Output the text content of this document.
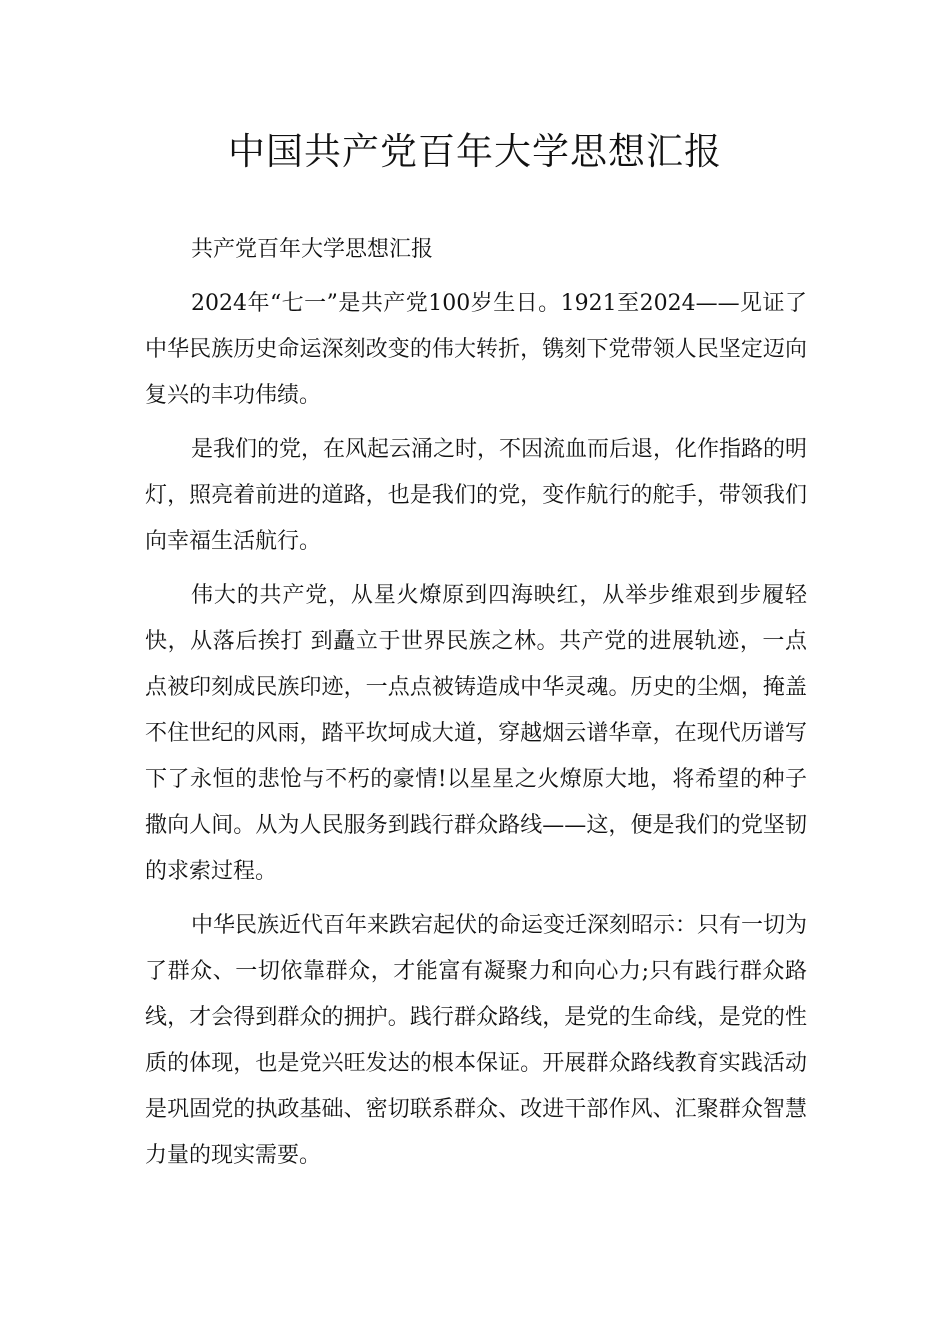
中国共产党百年大学思想汇报

共产党百年大学思想汇报

2024年“七一”是共产党100岁生日。1921至2024——见证了中华民族历史命运深刻改变的伟大转折，镌刻下党带领人民坚定迈向复兴的丰功伟绩。

是我们的党，在风起云涌之时，不因流血而后退，化作指路的明灯，照亮着前进的道路，也是我们的党，变作航行的舵手，带领我们向幸福生活航行。

伟大的共产党，从星火燎原到四海映红，从举步维艰到步履轻快，从落后挨打 到矗立于世界民族之林。共产党的进展轨迹，一点点被印刻成民族印迹，一点点被铸造成中华灵魂。历史的尘烟，掩盖不住世纪的风雨，踏平坎坷成大道，穿越烟云谱华章，在现代历谱写下了永恒的悲怆与不朽的豪情!以星星之火燎原大地，将希望的种子撒向人间。从为人民服务到践行群众路线——这，便是我们的党坚韧的求索过程。

中华民族近代百年来跌宕起伏的命运变迁深刻昭示：只有一切为了群众、一切依靠群众，才能富有凝聚力和向心力;只有践行群众路线，才会得到群众的拥护。践行群众路线，是党的生命线，是党的性质的体现，也是党兴旺发达的根本保证。开展群众路线教育实践活动是巩固党的执政基础、密切联系群众、改进干部作风、汇聚群众智慧力量的现实需要。
